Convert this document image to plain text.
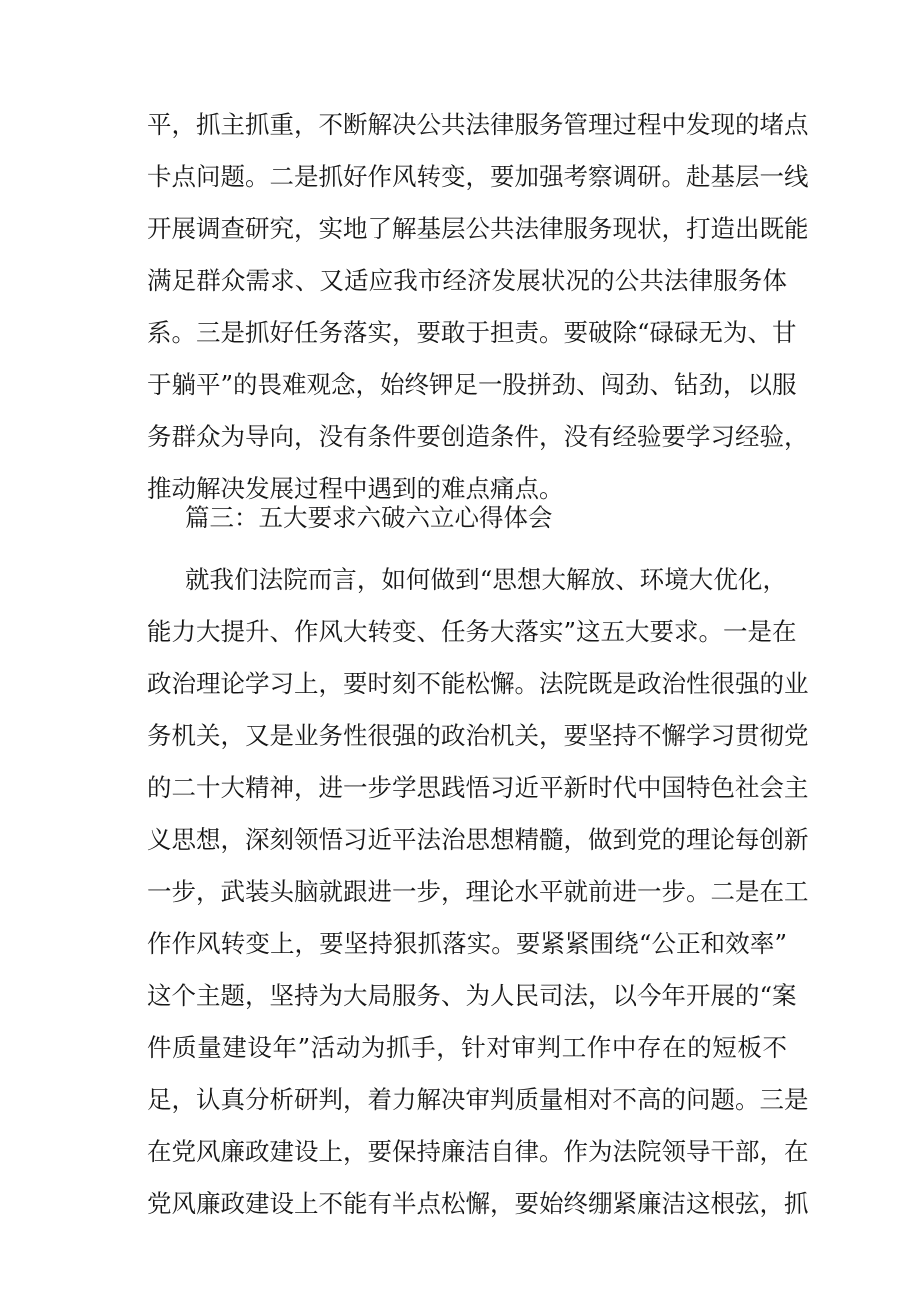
平，抓主抓重，不断解决公共法律服务管理过程中发现的堵点
卡点问题。二是抓好作风转变，要加强考察调研。赴基层一线
开展调查研究，实地了解基层公共法律服务现状，打造出既能
满足群众需求、又适应我市经济发展状况的公共法律服务体
系。三是抓好任务落实，要敢于担责。要破除“碌碌无为、甘
于躺平”的畏难观念，始终钾足一股拼劲、闯劲、钻劲，以服
务群众为导向，没有条件要创造条件，没有经验要学习经验，
推动解决发展过程中遇到的难点痛点。
篇三：五大要求六破六立心得体会
就我们法院而言，如何做到“思想大解放、环境大优化，
能力大提升、作风大转变、任务大落实”这五大要求。一是在
政治理论学习上，要时刻不能松懈。法院既是政治性很强的业
务机关，又是业务性很强的政治机关，要坚持不懈学习贯彻党
的二十大精神，进一步学思践悟习近平新时代中国特色社会主
义思想，深刻领悟习近平法治思想精髓，做到党的理论每创新
一步，武装头脑就跟进一步，理论水平就前进一步。二是在工
作作风转变上，要坚持狠抓落实。要紧紧围绕“公正和效率”
这个主题，坚持为大局服务、为人民司法，以今年开展的“案
件质量建设年”活动为抓手，针对审判工作中存在的短板不
足，认真分析研判，着力解决审判质量相对不高的问题。三是
在党风廉政建设上，要保持廉洁自律。作为法院领导干部，在
党风廉政建设上不能有半点松懈，要始终绷紧廉洁这根弦，抓
